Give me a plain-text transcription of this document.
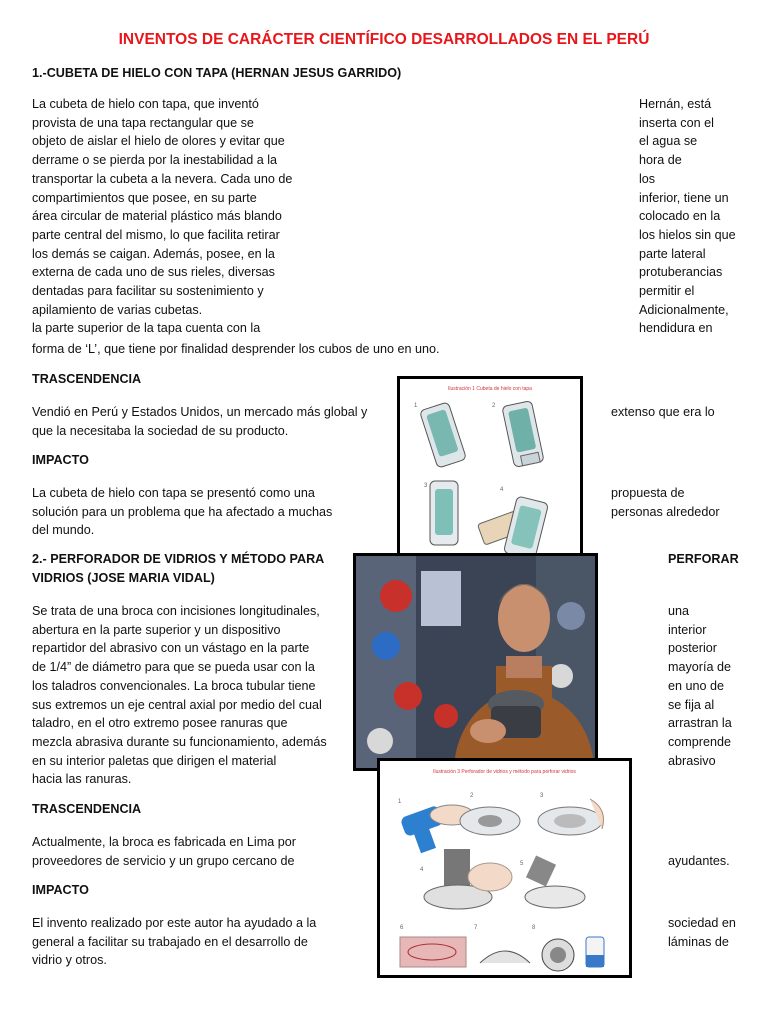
INVENTOS DE CARÁCTER CIENTÍFICO DESARROLLADOS EN EL PERÚ
1.-CUBETA DE HIELO CON TAPA (HERNAN JESUS GARRIDO)
La cubeta de hielo con tapa, que inventó
provista de una tapa rectangular que se
objeto de aislar el hielo de olores y evitar que
derrame o se pierda por la inestabilidad a la
transportar la cubeta a la nevera. Cada uno de
compartimientos que posee, en su parte
área circular de material plástico más blando
parte central del mismo, lo que facilita retirar
los demás se caigan. Además, posee, en la
externa de cada uno de sus rieles, diversas
dentadas para facilitar su sostenimiento y
apilamiento de varias cubetas.
la parte superior de la tapa cuenta con la
Hernán, está
inserta con el
el agua se
hora de
los
inferior, tiene un
colocado en la
los hielos sin que
parte lateral
protuberancias
permitir el
Adicionalmente,
hendidura en
forma de ‘L’, que tiene por finalidad desprender los cubos de uno en uno.
TRASCENDENCIA
Vendió en Perú y Estados Unidos, un mercado más global y
que la necesitaba la sociedad de su producto.
extenso que era lo
IMPACTO
La cubeta de hielo con tapa se presentó como una
solución para un problema que ha afectado a muchas
del mundo.
propuesta de
personas alrededor
2.- PERFORADOR DE VIDRIOS Y MÉTODO PARA
VIDRIOS (JOSE MARIA VIDAL)
PERFORAR
Se trata de una broca con incisiones longitudinales,
abertura en la parte superior y un dispositivo
repartidor del abrasivo con un vástago en la parte
de 1/4” de diámetro para que se pueda usar con la
los taladros convencionales. La broca tubular tiene
sus extremos un eje central axial por medio del cual
taladro, en el otro extremo posee ranuras que
mezcla abrasiva durante su funcionamiento, además
en su interior paletas que dirigen el material
hacia las ranuras.
una
interior
posterior
mayoría de
en uno de
se fija al
arrastran la
comprende
abrasivo
TRASCENDENCIA
Actualmente, la broca es fabricada en Lima por
proveedores de servicio y un grupo cercano de	ayudantes.
IMPACTO
El invento realizado por este autor ha ayudado a la
general a facilitar su trabajado en el desarrollo de
vidrio y otros.
sociedad en
láminas de
Ilustración 1 Cubeta de hielo con tapa
1	2
3
4
Ilustración 3 Perforador de vidrios y método para perforar vidrios
1
2	3
4
5
6	7	8
